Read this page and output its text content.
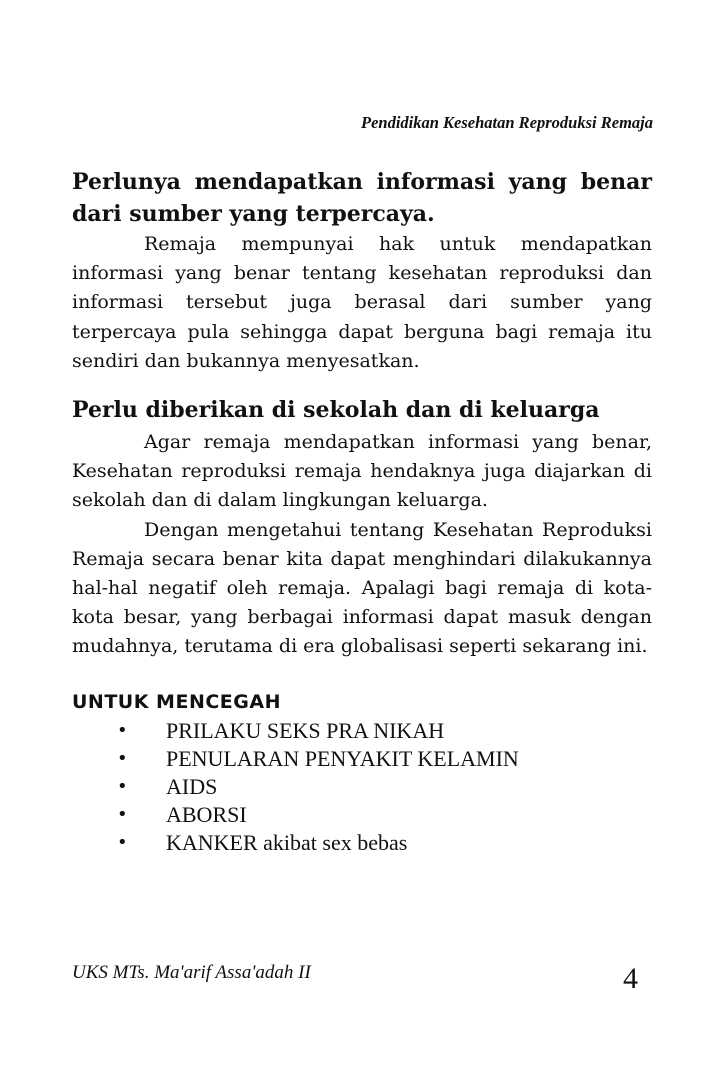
Pendidikan Kesehatan Reproduksi Remaja
Perlunya mendapatkan informasi yang benar dari sumber yang terpercaya.

Remaja mempunyai hak untuk mendapatkan informasi yang benar tentang kesehatan reproduksi dan informasi tersebut juga berasal dari sumber yang terpercaya pula sehingga dapat berguna bagi remaja itu sendiri dan bukannya menyesatkan.

Perlu diberikan di sekolah dan di keluarga

Agar remaja mendapatkan informasi yang benar, Kesehatan reproduksi remaja hendaknya juga diajarkan di sekolah dan di dalam lingkungan keluarga.

Dengan mengetahui tentang Kesehatan Reproduksi Remaja secara benar kita dapat menghindari dilakukannya hal-hal negatif oleh remaja. Apalagi bagi remaja di kota-kota besar, yang berbagai informasi dapat masuk dengan mudahnya, terutama di era globalisasi seperti sekarang ini.

UNTUK MENCEGAH
• PRILAKU SEKS PRA NIKAH
• PENULARAN PENYAKIT KELAMIN
• AIDS
• ABORSI
• KANKER akibat sex bebas
UKS MTs. Ma'arif Assa'adah II	4
